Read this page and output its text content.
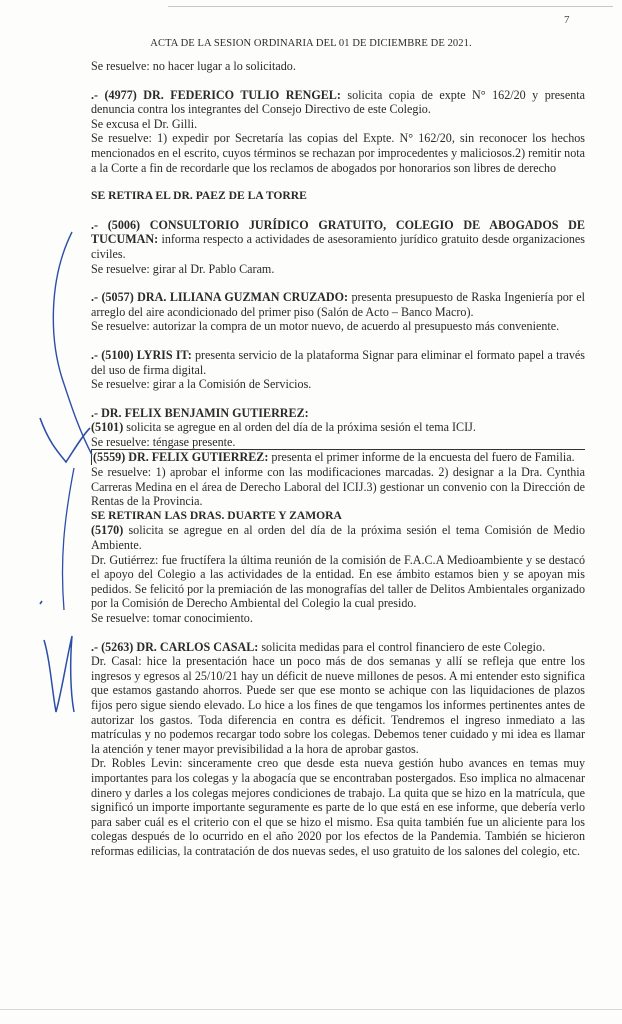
7
ACTA DE LA SESION ORDINARIA DEL 01 DE DICIEMBRE DE 2021.

Se resuelve: no hacer lugar a lo solicitado.

.- (4977) DR. FEDERICO TULIO RENGEL: solicita copia de expte N° 162/20 y presenta denuncia contra los integrantes del Consejo Directivo de este Colegio.

Se excusa el Dr. Gilli.

Se resuelve: 1) expedir por Secretaría las copias del Expte. N° 162/20, sin reconocer los hechos mencionados en el escrito, cuyos términos se rechazan por improcedentes y maliciosos.2) remitir nota a la Corte a fin de recordarle que los reclamos de abogados por honorarios son libres de derecho

SE RETIRA EL DR. PAEZ DE LA TORRE

.- (5006) CONSULTORIO JURÍDICO GRATUITO, COLEGIO DE ABOGADOS DE TUCUMAN: informa respecto a actividades de asesoramiento jurídico gratuito desde organizaciones civiles.

Se resuelve: girar al Dr. Pablo Caram.

.- (5057) DRA. LILIANA GUZMAN CRUZADO: presenta presupuesto de Raska Ingeniería por el arreglo del aire acondicionado del primer piso (Salón de Acto – Banco Macro).

Se resuelve: autorizar la compra de un motor nuevo, de acuerdo al presupuesto más conveniente.

.- (5100) LYRIS IT: presenta servicio de la plataforma Signar para eliminar el formato papel a través del uso de firma digital.

Se resuelve: girar a la Comisión de Servicios.

.- DR. FELIX BENJAMIN GUTIERREZ:

(5101) solicita se agregue en al orden del día de la próxima sesión el tema ICIJ.

Se resuelve: téngase presente.

(5559) DR. FELIX GUTIERREZ: presenta el primer informe de la encuesta del fuero de Familia.

Se resuelve: 1) aprobar el informe con las modificaciones marcadas. 2) designar a la Dra. Cynthia Carreras Medina en el área de Derecho Laboral del ICIJ.3) gestionar un convenio con la Dirección de Rentas de la Provincia.

SE RETIRAN LAS DRAS. DUARTE Y ZAMORA

(5170) solicita se agregue en al orden del día de la próxima sesión el tema Comisión de Medio Ambiente.

Dr. Gutiérrez: fue fructífera la última reunión de la comisión de F.A.C.A Medioambiente y se destacó el apoyo del Colegio a las actividades de la entidad. En ese ámbito estamos bien y se apoyan mis pedidos. Se felicitó por la premiación de las monografías del taller de Delitos Ambientales organizado por la Comisión de Derecho Ambiental del Colegio la cual presido.

Se resuelve: tomar conocimiento.

.- (5263) DR. CARLOS CASAL: solicita medidas para el control financiero de este Colegio.

Dr. Casal: hice la presentación hace un poco más de dos semanas y allí se refleja que entre los ingresos y egresos al 25/10/21 hay un déficit de nueve millones de pesos. A mi entender esto significa que estamos gastando ahorros. Puede ser que ese monto se achique con las liquidaciones de plazos fijos pero sigue siendo elevado. Lo hice a los fines de que tengamos los informes pertinentes antes de autorizar los gastos. Toda diferencia en contra es déficit. Tendremos el ingreso inmediato a las matrículas y no podemos recargar todo sobre los colegas. Debemos tener cuidado y mi idea es llamar la atención y tener mayor previsibilidad a la hora de aprobar gastos.

Dr. Robles Levin: sinceramente creo que desde esta nueva gestión hubo avances en temas muy importantes para los colegas y la abogacía que se encontraban postergados. Eso implica no almacenar dinero y darles a los colegas mejores condiciones de trabajo. La quita que se hizo en la matrícula, que significó un importe importante seguramente es parte de lo que está en ese informe, que debería verlo para saber cuál es el criterio con el que se hizo el mismo. Esa quita también fue un aliciente para los colegas después de lo ocurrido en el año 2020 por los efectos de la Pandemia. También se hicieron reformas edilicias, la contratación de dos nuevas sedes, el uso gratuito de los salones del colegio, etc.
